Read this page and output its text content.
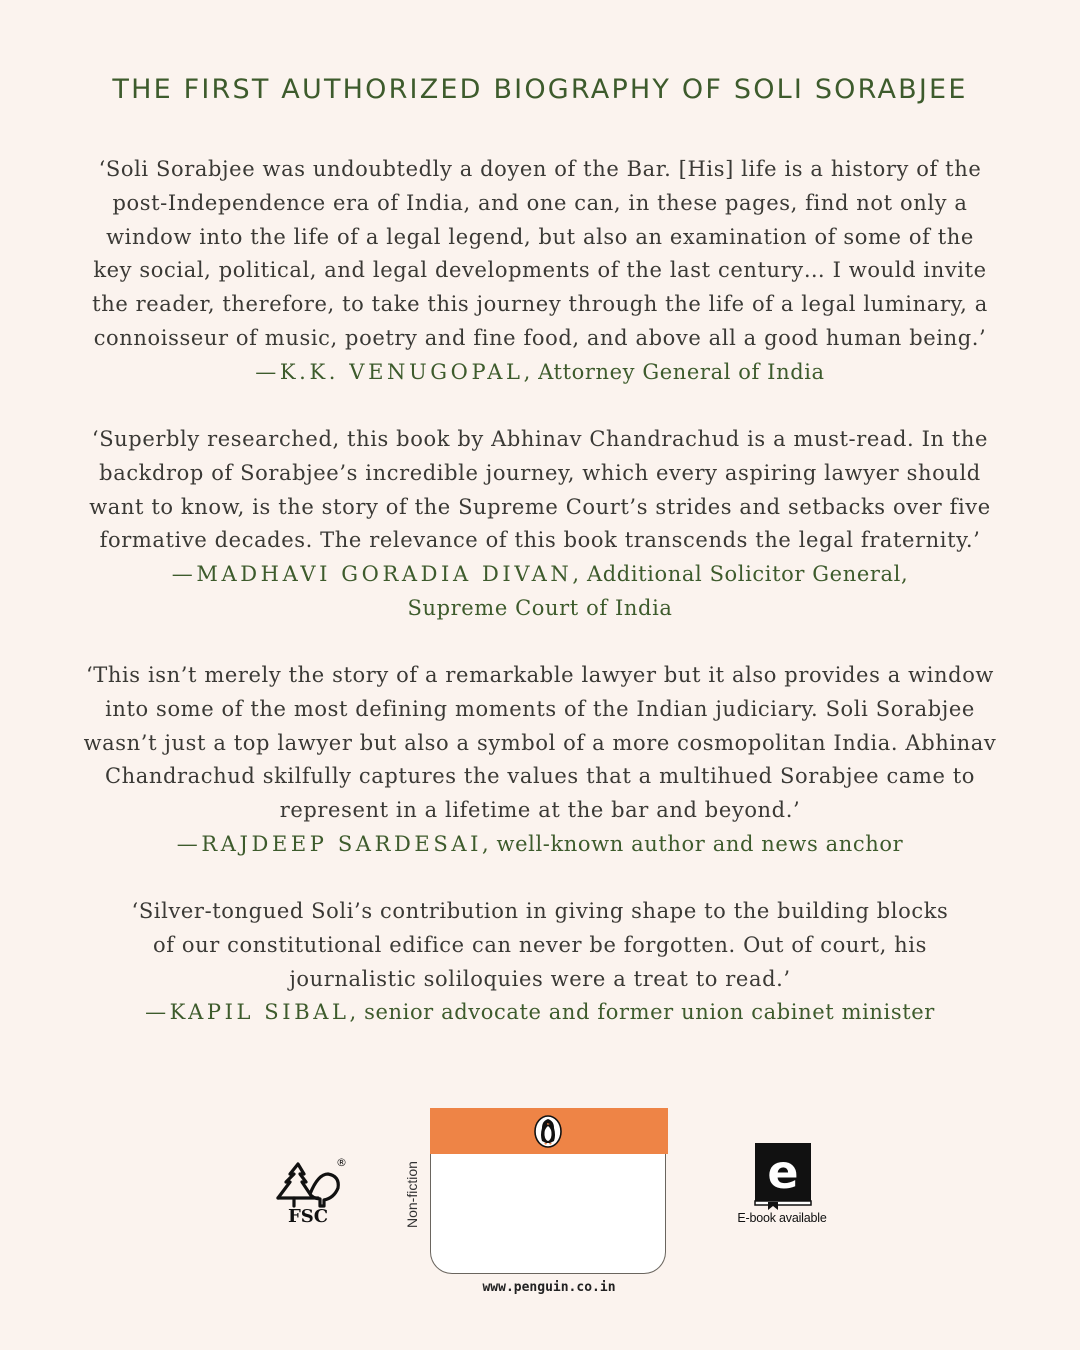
THE FIRST AUTHORIZED BIOGRAPHY OF SOLI SORABJEE

‘Soli Sorabjee was undoubtedly a doyen of the Bar. [His] life is a history of the

post-Independence era of India, and one can, in these pages, find not only a

window into the life of a legal legend, but also an examination of some of the

key social, political, and legal developments of the last century… I would invite

the reader, therefore, to take this journey through the life of a legal luminary, a

connoisseur of music, poetry and fine food, and above all a good human being.’

—K.K. VENUGOPAL, Attorney General of India

‘Superbly researched, this book by Abhinav Chandrachud is a must-read. In the

backdrop of Sorabjee’s incredible journey, which every aspiring lawyer should

want to know, is the story of the Supreme Court’s strides and setbacks over five

formative decades. The relevance of this book transcends the legal fraternity.’

—MADHAVI GORADIA DIVAN, Additional Solicitor General,

Supreme Court of India

‘This isn’t merely the story of a remarkable lawyer but it also provides a window

into some of the most defining moments of the Indian judiciary. Soli Sorabjee

wasn’t just a top lawyer but also a symbol of a more cosmopolitan India. Abhinav

Chandrachud skilfully captures the values that a multihued Sorabjee came to

represent in a lifetime at the bar and beyond.’

—RAJDEEP SARDESAI, well-known author and news anchor

‘Silver-tongued Soli’s contribution in giving shape to the building blocks

of our constitutional edifice can never be forgotten. Out of court, his

journalistic soliloquies were a treat to read.’

—KAPIL SIBAL, senior advocate and former union cabinet minister

®
FSC	Non-fiction
www.penguin.co.in
e
E-book available
